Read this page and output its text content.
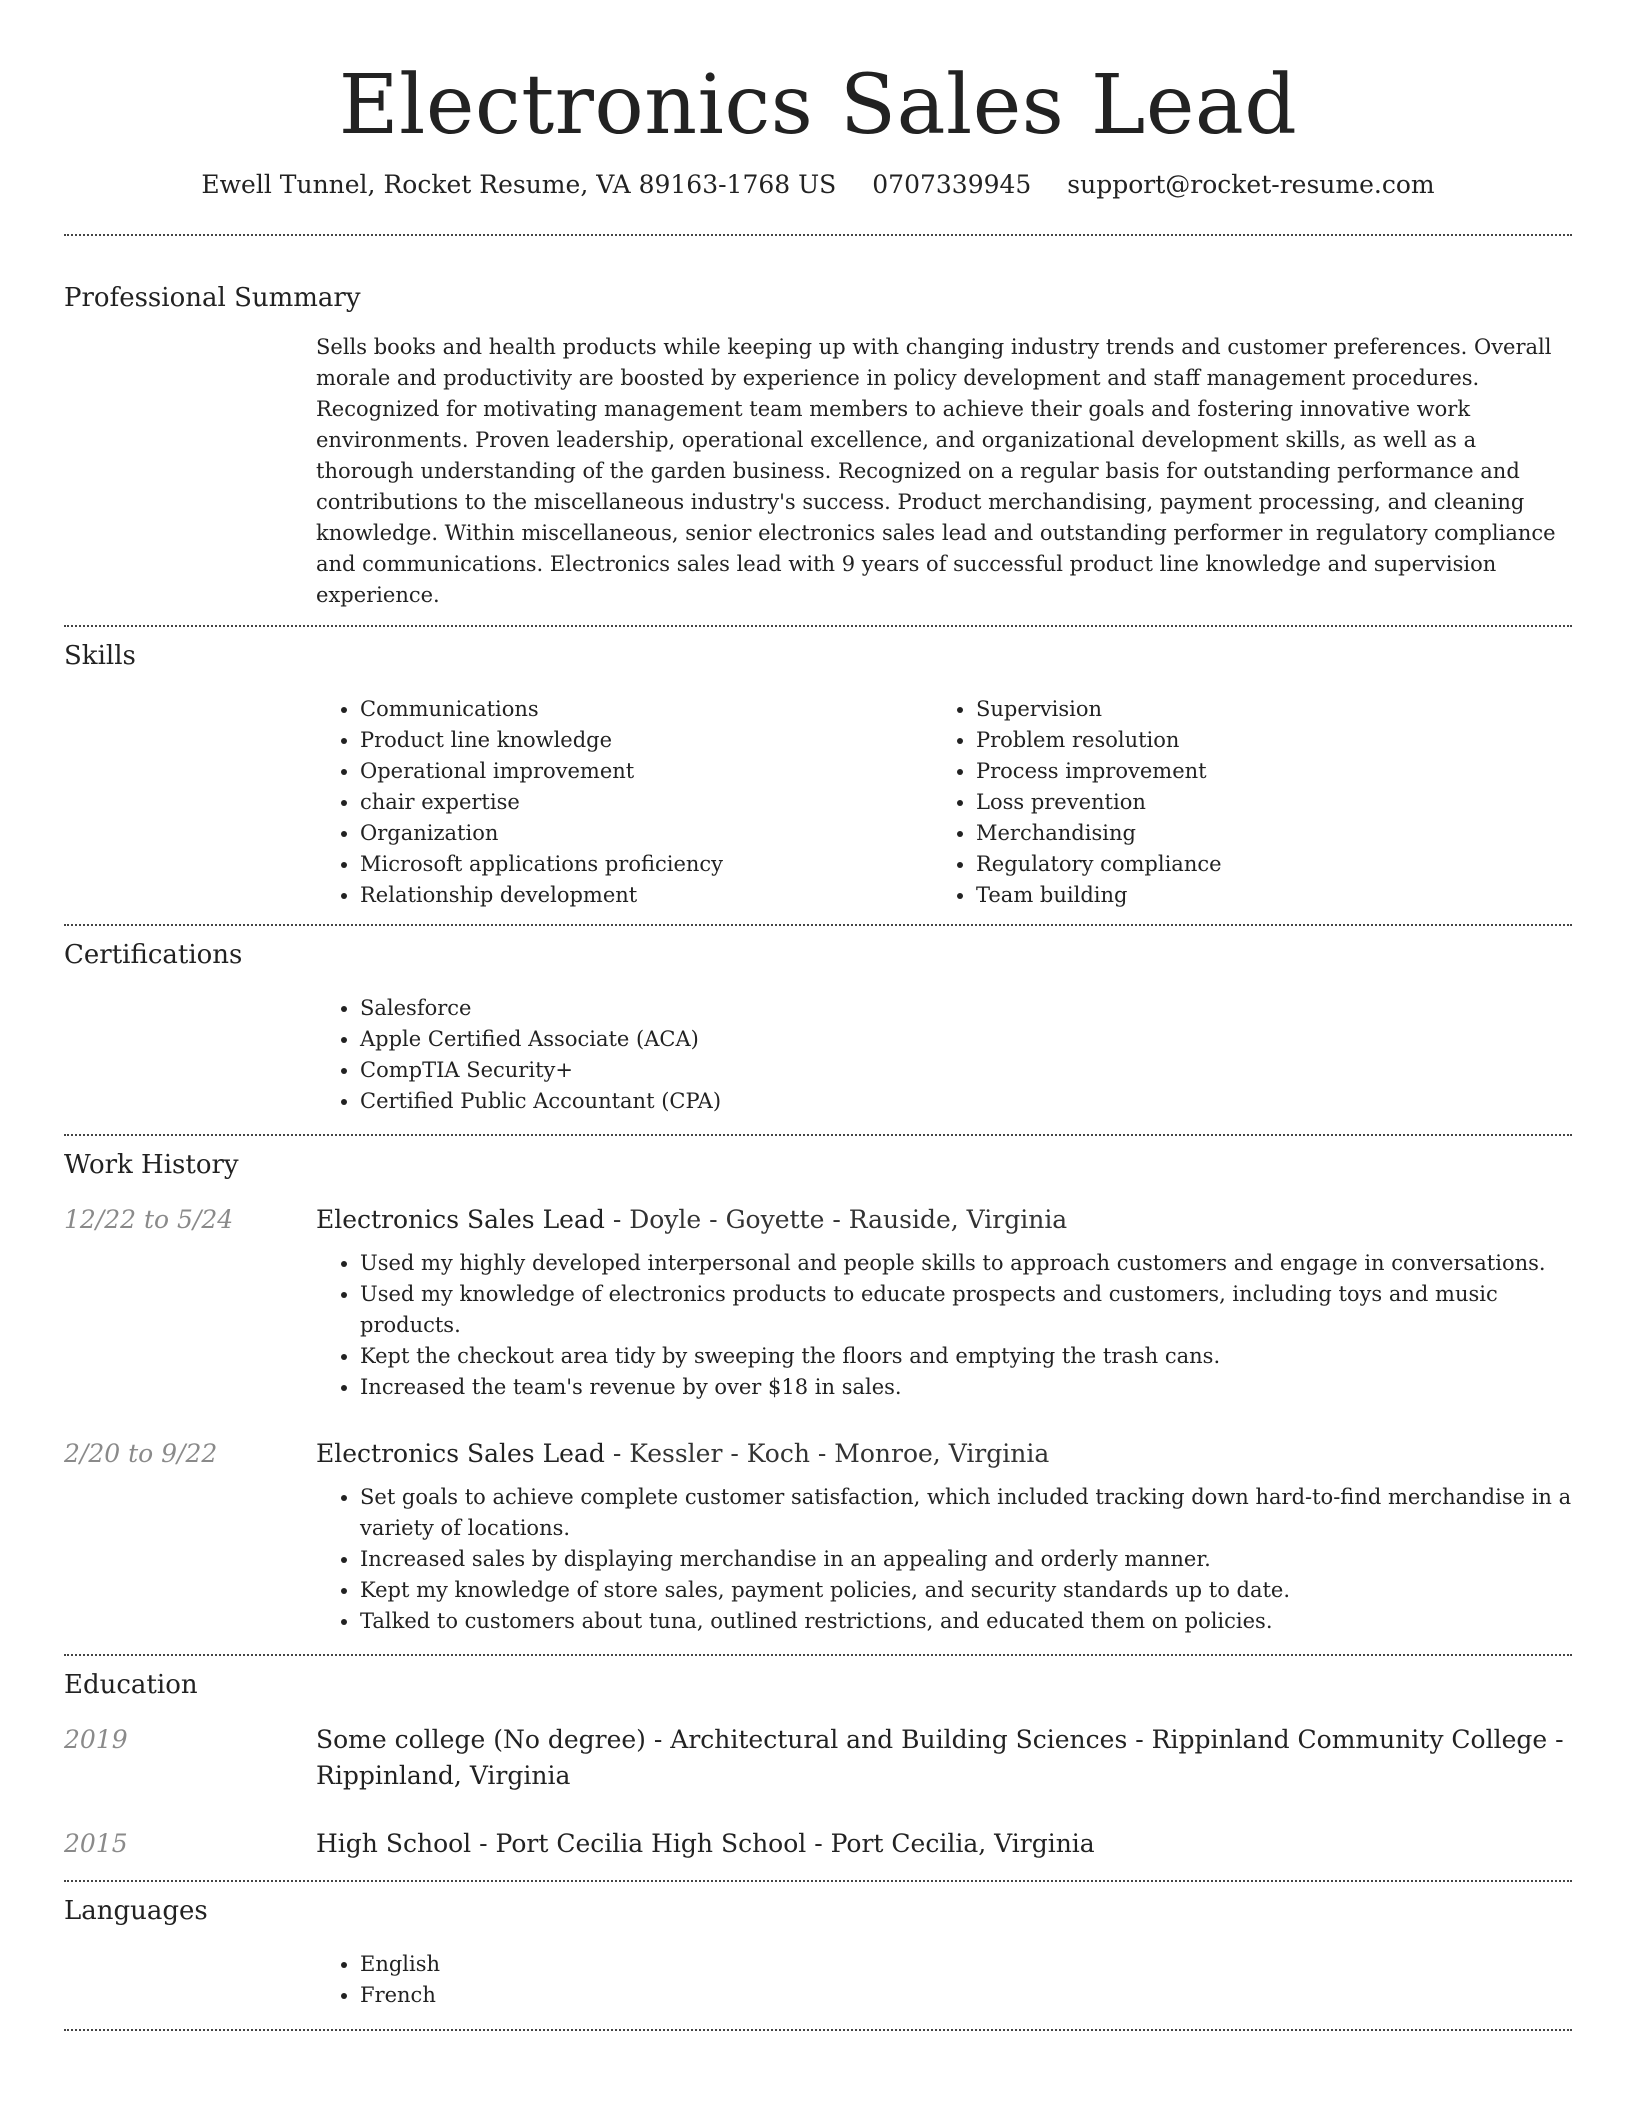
Electronics Sales Lead
Ewell Tunnel, Rocket Resume, VA 89163-1768 US 0707339945 support@rocket-resume.com
Professional Summary

Sells books and health products while keeping up with changing industry trends and customer preferences. Overall morale and productivity are boosted by experience in policy development and staff management procedures. Recognized for motivating management team members to achieve their goals and fostering innovative work environments. Proven leadership, operational excellence, and organizational development skills, as well as a thorough understanding of the garden business. Recognized on a regular basis for outstanding performance and contributions to the miscellaneous industry's success. Product merchandising, payment processing, and cleaning knowledge. Within miscellaneous, senior electronics sales lead and outstanding performer in regulatory compliance and communications. Electronics sales lead with 9 years of successful product line knowledge and supervision experience.

Skills
• Communications
• Product line knowledge
• Operational improvement
• chair expertise
• Organization
• Microsoft applications proficiency
• Relationship development
• Supervision
• Problem resolution
• Process improvement
• Loss prevention
• Merchandising
• Regulatory compliance
• Team building
Certifications
• Salesforce
• Apple Certified Associate (ACA)
• CompTIA Security+
• Certified Public Accountant (CPA)
Work History
12/22 to 5/24	Electronics Sales Lead - Doyle - Goyette - Rauside, Virginia

• Used my highly developed interpersonal and people skills to approach customers and engage in conversations.
• Used my knowledge of electronics products to educate prospects and customers, including toys and music products.
• Kept the checkout area tidy by sweeping the floors and emptying the trash cans.
• Increased the team's revenue by over $18 in sales.
2/20 to 9/22	Electronics Sales Lead - Kessler - Koch - Monroe, Virginia

• Set goals to achieve complete customer satisfaction, which included tracking down hard-to-find merchandise in a variety of locations.
• Increased sales by displaying merchandise in an appealing and orderly manner.
• Kept my knowledge of store sales, payment policies, and security standards up to date.
• Talked to customers about tuna, outlined restrictions, and educated them on policies.
Education
2019	Some college (No degree) - Architectural and Building Sciences - Rippinland Community College - Rippinland, Virginia

2015	High School - Port Cecilia High School - Port Cecilia, Virginia

Languages
• English
• French
